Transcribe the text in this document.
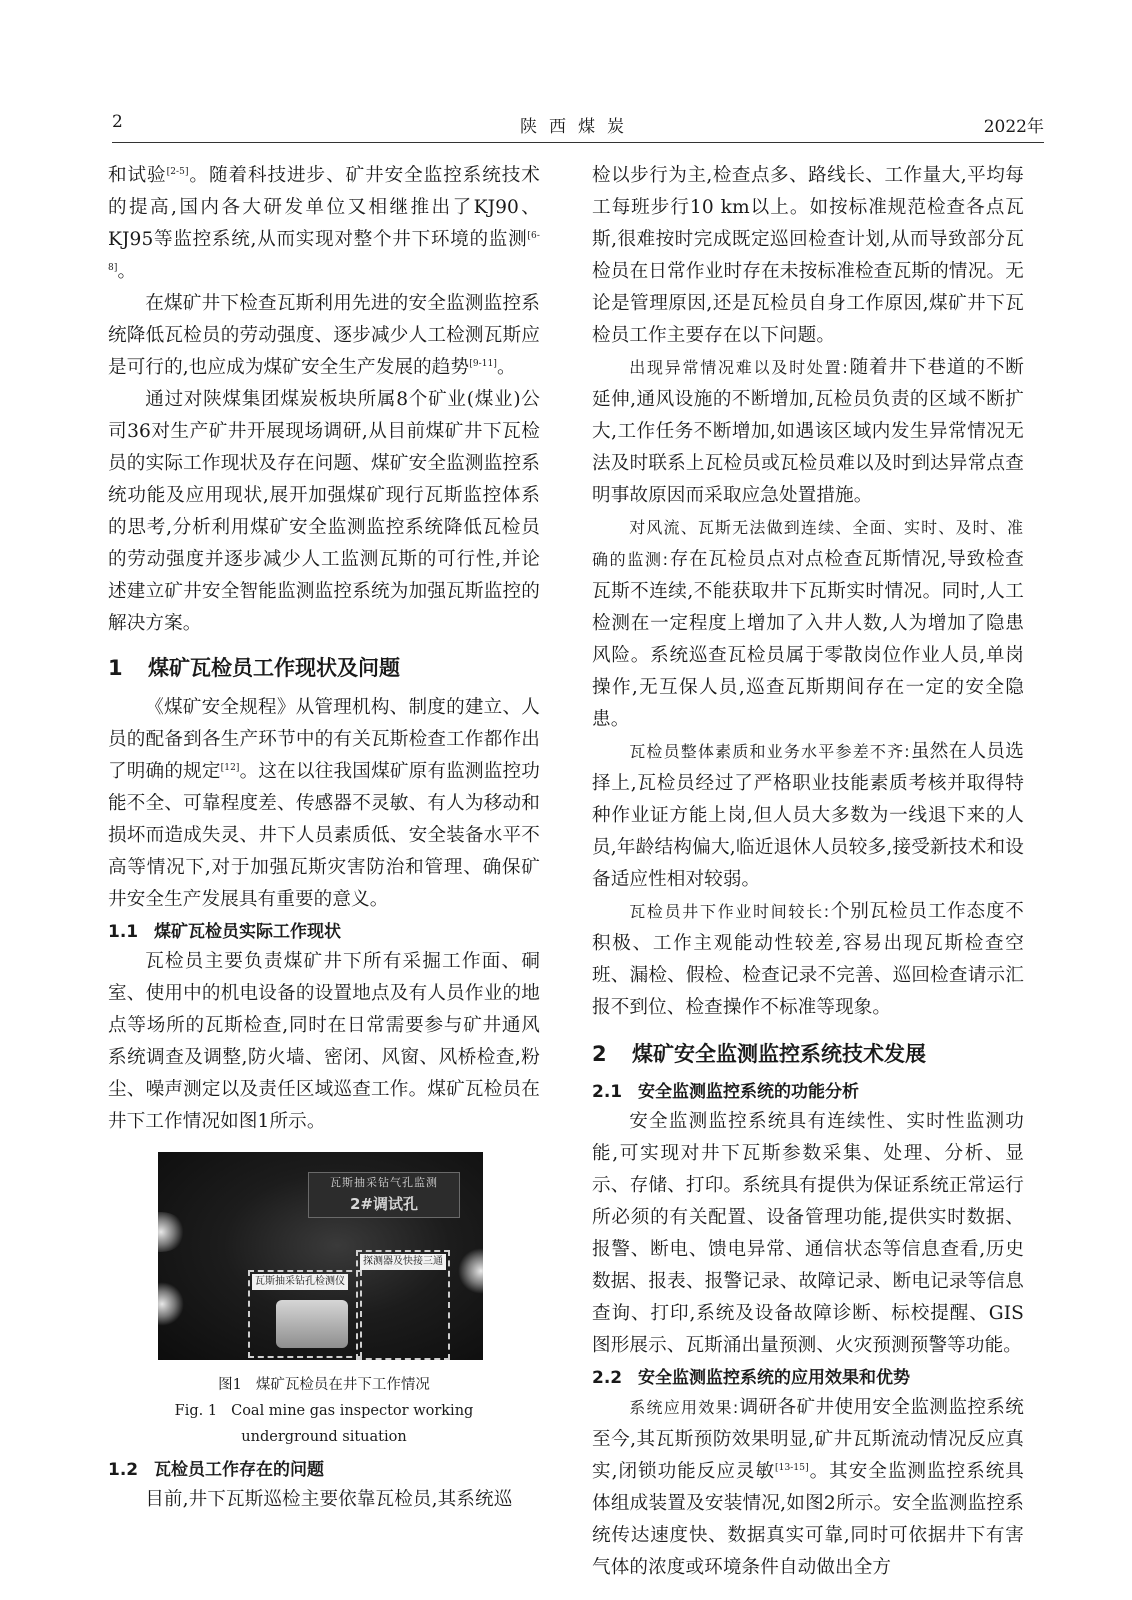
2	陕西煤炭	2022年

和试验[2-5]。随着科技进步、矿井安全监控系统技术的提高,国内各大研发单位又相继推出了KJ90、KJ95等监控系统,从而实现对整个井下环境的监测[6-8]。

在煤矿井下检查瓦斯利用先进的安全监测监控系统降低瓦检员的劳动强度、逐步减少人工检测瓦斯应是可行的,也应成为煤矿安全生产发展的趋势[9-11]。

通过对陕煤集团煤炭板块所属8个矿业(煤业)公司36对生产矿井开展现场调研,从目前煤矿井下瓦检员的实际工作现状及存在问题、煤矿安全监测监控系统功能及应用现状,展开加强煤矿现行瓦斯监控体系的思考,分析利用煤矿安全监测监控系统降低瓦检员的劳动强度并逐步减少人工监测瓦斯的可行性,并论述建立矿井安全智能监测监控系统为加强瓦斯监控的解决方案。

1 煤矿瓦检员工作现状及问题

《煤矿安全规程》从管理机构、制度的建立、人员的配备到各生产环节中的有关瓦斯检查工作都作出了明确的规定[12]。这在以往我国煤矿原有监测监控功能不全、可靠程度差、传感器不灵敏、有人为移动和损坏而造成失灵、井下人员素质低、安全装备水平不高等情况下,对于加强瓦斯灾害防治和管理、确保矿井安全生产发展具有重要的意义。

1.1 煤矿瓦检员实际工作现状

瓦检员主要负责煤矿井下所有采掘工作面、硐室、使用中的机电设备的设置地点及有人员作业的地点等场所的瓦斯检查,同时在日常需要参与矿井通风系统调查及调整,防火墙、密闭、风窗、风桥检查,粉尘、噪声测定以及责任区域巡查工作。煤矿瓦检员在井下工作情况如图1所示。

瓦斯抽采钻气孔监测
2#调试孔
瓦斯抽采钻孔检测仪
探测器及快接三通

图1 煤矿瓦检员在井下工作情况

Fig. 1 Coal mine gas inspector working

underground situation

1.2 瓦检员工作存在的问题

目前,井下瓦斯巡检主要依靠瓦检员,其系统巡

检以步行为主,检查点多、路线长、工作量大,平均每工每班步行10 km以上。如按标准规范检查各点瓦斯,很难按时完成既定巡回检查计划,从而导致部分瓦检员在日常作业时存在未按标准检查瓦斯的情况。无论是管理原因,还是瓦检员自身工作原因,煤矿井下瓦检员工作主要存在以下问题。

出现异常情况难以及时处置:随着井下巷道的不断延伸,通风设施的不断增加,瓦检员负责的区域不断扩大,工作任务不断增加,如遇该区域内发生异常情况无法及时联系上瓦检员或瓦检员难以及时到达异常点查明事故原因而采取应急处置措施。

对风流、瓦斯无法做到连续、全面、实时、及时、准确的监测:存在瓦检员点对点检查瓦斯情况,导致检查瓦斯不连续,不能获取井下瓦斯实时情况。同时,人工检测在一定程度上增加了入井人数,人为增加了隐患风险。系统巡查瓦检员属于零散岗位作业人员,单岗操作,无互保人员,巡查瓦斯期间存在一定的安全隐患。

瓦检员整体素质和业务水平参差不齐:虽然在人员选择上,瓦检员经过了严格职业技能素质考核并取得特种作业证方能上岗,但人员大多数为一线退下来的人员,年龄结构偏大,临近退休人员较多,接受新技术和设备适应性相对较弱。

瓦检员井下作业时间较长:个别瓦检员工作态度不积极、工作主观能动性较差,容易出现瓦斯检查空班、漏检、假检、检查记录不完善、巡回检查请示汇报不到位、检查操作不标准等现象。

2 煤矿安全监测监控系统技术发展
2.1 安全监测监控系统的功能分析

安全监测监控系统具有连续性、实时性监测功能,可实现对井下瓦斯参数采集、处理、分析、显示、存储、打印。系统具有提供为保证系统正常运行所必须的有关配置、设备管理功能,提供实时数据、报警、断电、馈电异常、通信状态等信息查看,历史数据、报表、报警记录、故障记录、断电记录等信息查询、打印,系统及设备故障诊断、标校提醒、GIS图形展示、瓦斯涌出量预测、火灾预测预警等功能。

2.2 安全监测监控系统的应用效果和优势

系统应用效果:调研各矿井使用安全监测监控系统至今,其瓦斯预防效果明显,矿井瓦斯流动情况反应真实,闭锁功能反应灵敏[13-15]。其安全监测监控系统具体组成装置及安装情况,如图2所示。安全监测监控系统传达速度快、数据真实可靠,同时可依据井下有害气体的浓度或环境条件自动做出全方
